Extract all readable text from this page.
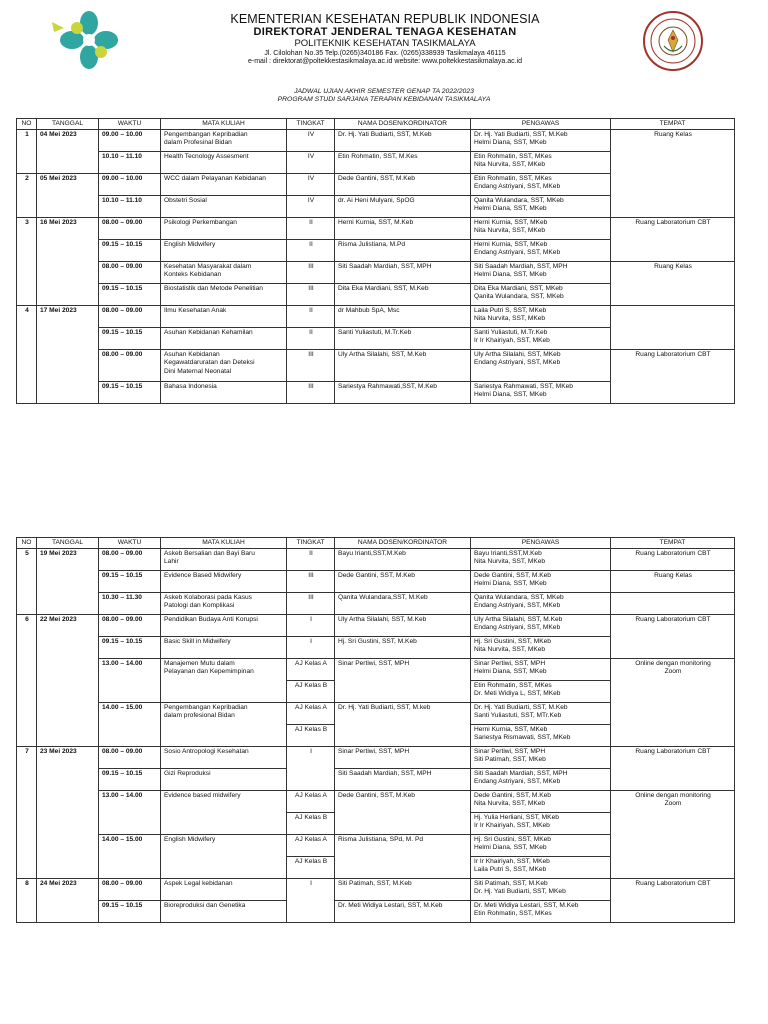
KEMENTERIAN KESEHATAN REPUBLIK INDONESIA
DIREKTORAT JENDERAL TENAGA KESEHATAN
POLITEKNIK KESEHATAN TASIKMALAYA
Jl. Cilolohan No.35 Telp.(0265)340186 Fax. (0265)338939 Tasikmalaya 46115
e-mail : direktorat@poltekkestasikmalaya.ac.id website: www.poltekkestasikmalaya.ac.id
JADWAL UJIAN AKHIR SEMESTER GENAP TA 2022/2023
PROGRAM STUDI SARJANA TERAPAN KEBIDANAN TASIKMALAYA
NO	TANGGAL	WAKTU	MATA KULIAH	TINGKAT	NAMA DOSEN/KORDINATOR	PENGAWAS	TEMPAT
1	04 Mei 2023	09.00 – 10.00	Pengembangan Kepribadian
dalam Profesinal Bidan	IV	Dr. Hj. Yati Budiarti, SST, M.Keb	Dr. Hj. Yati Budiarti, SST, M.Keb
Helmi Diana, SST, MKeb	Ruang Kelas
		10.10 – 11.10	Health Tecnology Assesment	IV	Etin Rohmatin, SST, M.Kes	Etin Rohmatin, SST, MKes
Nita Nurvita, SST, MKeb	
2	05 Mei 2023	09.00 – 10.00	WCC dalam Pelayanan Kebidanan	IV	Dede Gantini, SST, M.Keb	Etin Rohmatin, SST, MKes
Endang Astriyani, SST, MKeb	
		10.10 – 11.10	Obstetri Sosial	IV	dr. Ai Heni Mulyani, SpOG	Qanita Wulandara, SST, MKeb
Helmi Diana, SST, MKeb	
3	16 Mei 2023	08.00 – 09.00	Psikologi Perkembangan	II	Herni Kurnia, SST, M.Keb	Herni Kurnia, SST, MKeb
Nita Nurvita, SST, MKeb	Ruang Laboratorium CBT
		09.15 – 10.15	English Midwifery	II	Risma Julistiana, M.Pd	Herni Kurnia, SST, MKeb
Endang Astriyani, SST, MKeb	
		08.00 – 09.00	Kesehatan Masyarakat dalam
Konteks Kebidanan	III	Siti Saadah Mardiah, SST, MPH	Siti Saadah Mardiah, SST, MPH
Helmi Diana, SST, MKeb	Ruang Kelas
		09.15 – 10.15	Biostatistik dan Metode Penelitian	III	Dita Eka Mardiani, SST, M.Keb	Dita Eka Mardiani, SST, MKeb
Qanita Wulandara, SST, MKeb	
4	17 Mei 2023	08.00 – 09.00	Ilmu Kesehatan Anak	II	dr Mahbub SpA, Msc	Laila Putri S, SST, MKeb
Nita Nurvita, SST, MKeb	
		09.15 – 10.15	Asuhan Kebidanan Kehamilan	II	Santi Yuliastuti, M.Tr.Keb	Santi Yuliastuti, M.Tr.Keb
Ir Ir Khairiyah, SST, MKeb	
		08.00 – 09.00	Asuhan Kebidanan
Kegawatdaruratan dan Deteksi
Dini Maternal Neonatal	III	Uly Artha Silalahi, SST, M.Keb	Uly Artha Silalahi, SST, MKeb
Endang Astriyani, SST, MKeb	Ruang Laboratorium CBT
		09.15 – 10.15	Bahasa Indonesia	III	Sariestya Rahmawati,SST, M.Keb	Sariestya Rahmawati, SST, MKeb
Helmi Diana, SST, MKeb	
NO	TANGGAL	WAKTU	MATA KULIAH	TINGKAT	NAMA DOSEN/KORDINATOR	PENGAWAS	TEMPAT
5	19 Mei 2023	08.00 – 09.00	Askeb Bersalian dan Bayi Baru
Lahir	II	Bayu Irianti,SST,M.Keb	Bayu Irianti,SST,M.Keb
Nita Nurvita, SST, MKeb	Ruang Laboratorium CBT
		09.15 – 10.15	Evidence Based Midwifery	III	Dede Gantini, SST, M.Keb	Dede Gantini, SST, M.Keb
Helmi Diana, SST, MKeb	Ruang Kelas
		10.30 – 11.30	Askeb Kolaborasi pada Kasus
Patologi dan Komplikasi	III	Qanita Wulandara,SST, M.Keb	Qanita Wulandara, SST, MKeb
Endang Astriyani, SST, MKeb	
6	22 Mei 2023	08.00 – 09.00	Pendidikan Budaya Anti Korupsi	I	Uly Artha Silalahi, SST, M.Keb	Uly Artha Silalahi, SST, M.Keb
Endang Astriyani, SST, MKeb	Ruang Laboratorium CBT
		09.15 – 10.15	Basic Skill in Midwifery	I	Hj. Sri Gustini, SST, M.Keb	Hj. Sri Gustini, SST, MKeb
Nita Nurvita, SST, MKeb	
		13.00 – 14.00	Manajemen Mutu dalam
Pelayanan dan Kepemimpinan	AJ Kelas A	Sinar Pertiwi, SST, MPH	Sinar Pertiwi, SST, MPH
Helmi Diana, SST, MKeb	Online dengan monitoring
Zoom
				AJ Kelas B		Etin Rohmatin, SST, MKes
Dr. Meti Widiya L, SST, MKeb	
		14.00 – 15.00	Pengembangan Kepribadian
dalam profesional Bidan	AJ Kelas A	Dr. Hj. Yati Budiarti, SST, M.keb	Dr. Hj. Yati Budiarti, SST, M.Keb
Santi Yuliastuti, SST, MTr.Keb	
				AJ Kelas B		Herni Kurnia, SST, MKeb
Sariestya Rismawati, SST, MKeb	
7	23 Mei 2023	08.00 – 09.00	Sosio Antropologi Kesehatan	I	Sinar Pertiwi, SST, MPH	Sinar Pertiwi, SST, MPH
Siti Patimah, SST, MKeb	Ruang Laboratorium CBT
		09.15 – 10.15	Gizi Reproduksi		Siti Saadah Mardiah, SST, MPH	Siti Saadah Mardiah, SST, MPH
Endang Astriyani, SST, MKeb	
		13.00 – 14.00	Evidence based midwifery	AJ Kelas A	Dede Gantini, SST, M.Keb	Dede Gantini, SST, M.Keb
Nita Nurvita, SST, MKeb	Online dengan monitoring
Zoom
				AJ Kelas B		Hj. Yulia Herliani, SST, MKeb
Ir Ir Khairiyah, SST, MKeb	
		14.00 – 15.00	English Midwifery	AJ Kelas A	Risma Julistiana, SPd, M. Pd	Hj. Sri Gustini, SST, MKeb
Helmi Diana, SST, MKeb	
				AJ Kelas B		Ir Ir Khairiyah, SST, MKeb
Laila Putri S, SST, MKeb	
8	24 Mei 2023	08.00 – 09.00	Aspek Legal kebidanan	I	Siti Patimah, SST, M.Keb	Siti Patimah, SST, M.Keb
Dr. Hj. Yati Budiarti, SST, MKeb	Ruang Laboratorium CBT
		09.15 – 10.15	Bioreproduksi dan Genetika		Dr. Meti Widiya Lestari, SST, M.Keb	Dr. Meti Widiya Lestari, SST, M.Keb
Etin Rohmatin, SST, MKes	
